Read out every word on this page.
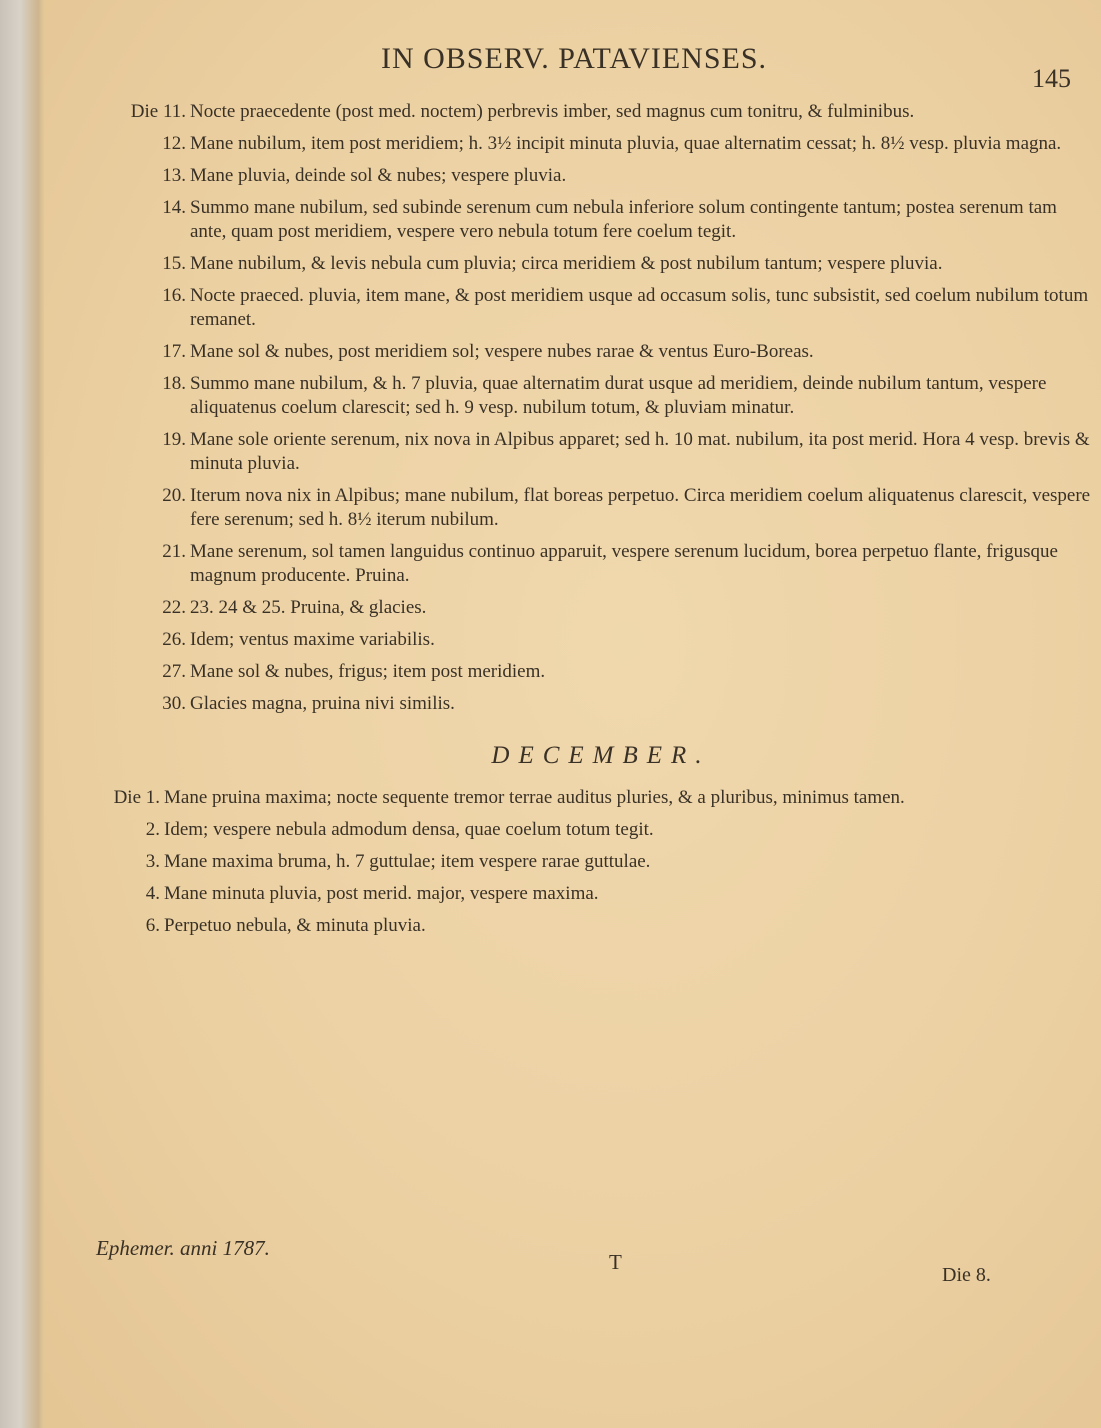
IN OBSERV. PATAVIENSES.
145
Die 11. Nocte praecedente (post med. noctem) perbrevis imber, sed magnus cum tonitru, & fulminibus.
12. Mane nubilum, item post meridiem; h. 3½ incipit minuta pluvia, quae alternatim cessat; h. 8½ vesp. pluvia magna.
13. Mane pluvia, deinde sol & nubes; vespere pluvia.
14. Summo mane nubilum, sed subinde serenum cum nebula inferiore solum contingente tantum; postea serenum tam ante, quam post meridiem, vespere vero nebula totum fere coelum tegit.
15. Mane nubilum, & levis nebula cum pluvia; circa meridiem & post nubilum tantum; vespere pluvia.
16. Nocte praeced. pluvia, item mane, & post meridiem usque ad occasum solis, tunc subsistit, sed coelum nubilum totum remanet.
17. Mane sol & nubes, post meridiem sol; vespere nubes rarae & ventus Euro-Boreas.
18. Summo mane nubilum, & h. 7 pluvia, quae alternatim durat usque ad meridiem, deinde nubilum tantum, vespere aliquatenus coelum clarescit; sed h. 9 vesp. nubilum totum, & pluviam minatur.
19. Mane sole oriente serenum, nix nova in Alpibus apparet; sed h. 10 mat. nubilum, ita post merid. Hora 4 vesp. brevis & minuta pluvia.
20. Iterum nova nix in Alpibus; mane nubilum, flat boreas perpetuo. Circa meridiem coelum aliquatenus clarescit, vespere fere serenum; sed h. 8½ iterum nubilum.
21. Mane serenum, sol tamen languidus continuo apparuit, vespere serenum lucidum, borea perpetuo flante, frigusque magnum producente. Pruina.
22. 23. 24 & 25. Pruina, & glacies.
26. Idem; ventus maxime variabilis.
27. Mane sol & nubes, frigus; item post meridiem.
30. Glacies magna, pruina nivi similis.
DECEMBER.
Die 1. Mane pruina maxima; nocte sequente tremor terrae auditus pluries, & a pluribus, minimus tamen.
2. Idem; vespere nebula admodum densa, quae coelum totum tegit.
3. Mane maxima bruma, h. 7 guttulae; item vespere rarae guttulae.
4. Mane minuta pluvia, post merid. major, vespere maxima.
6. Perpetuo nebula, & minuta pluvia.
Ephemer. anni 1787.
T
Die 8.
